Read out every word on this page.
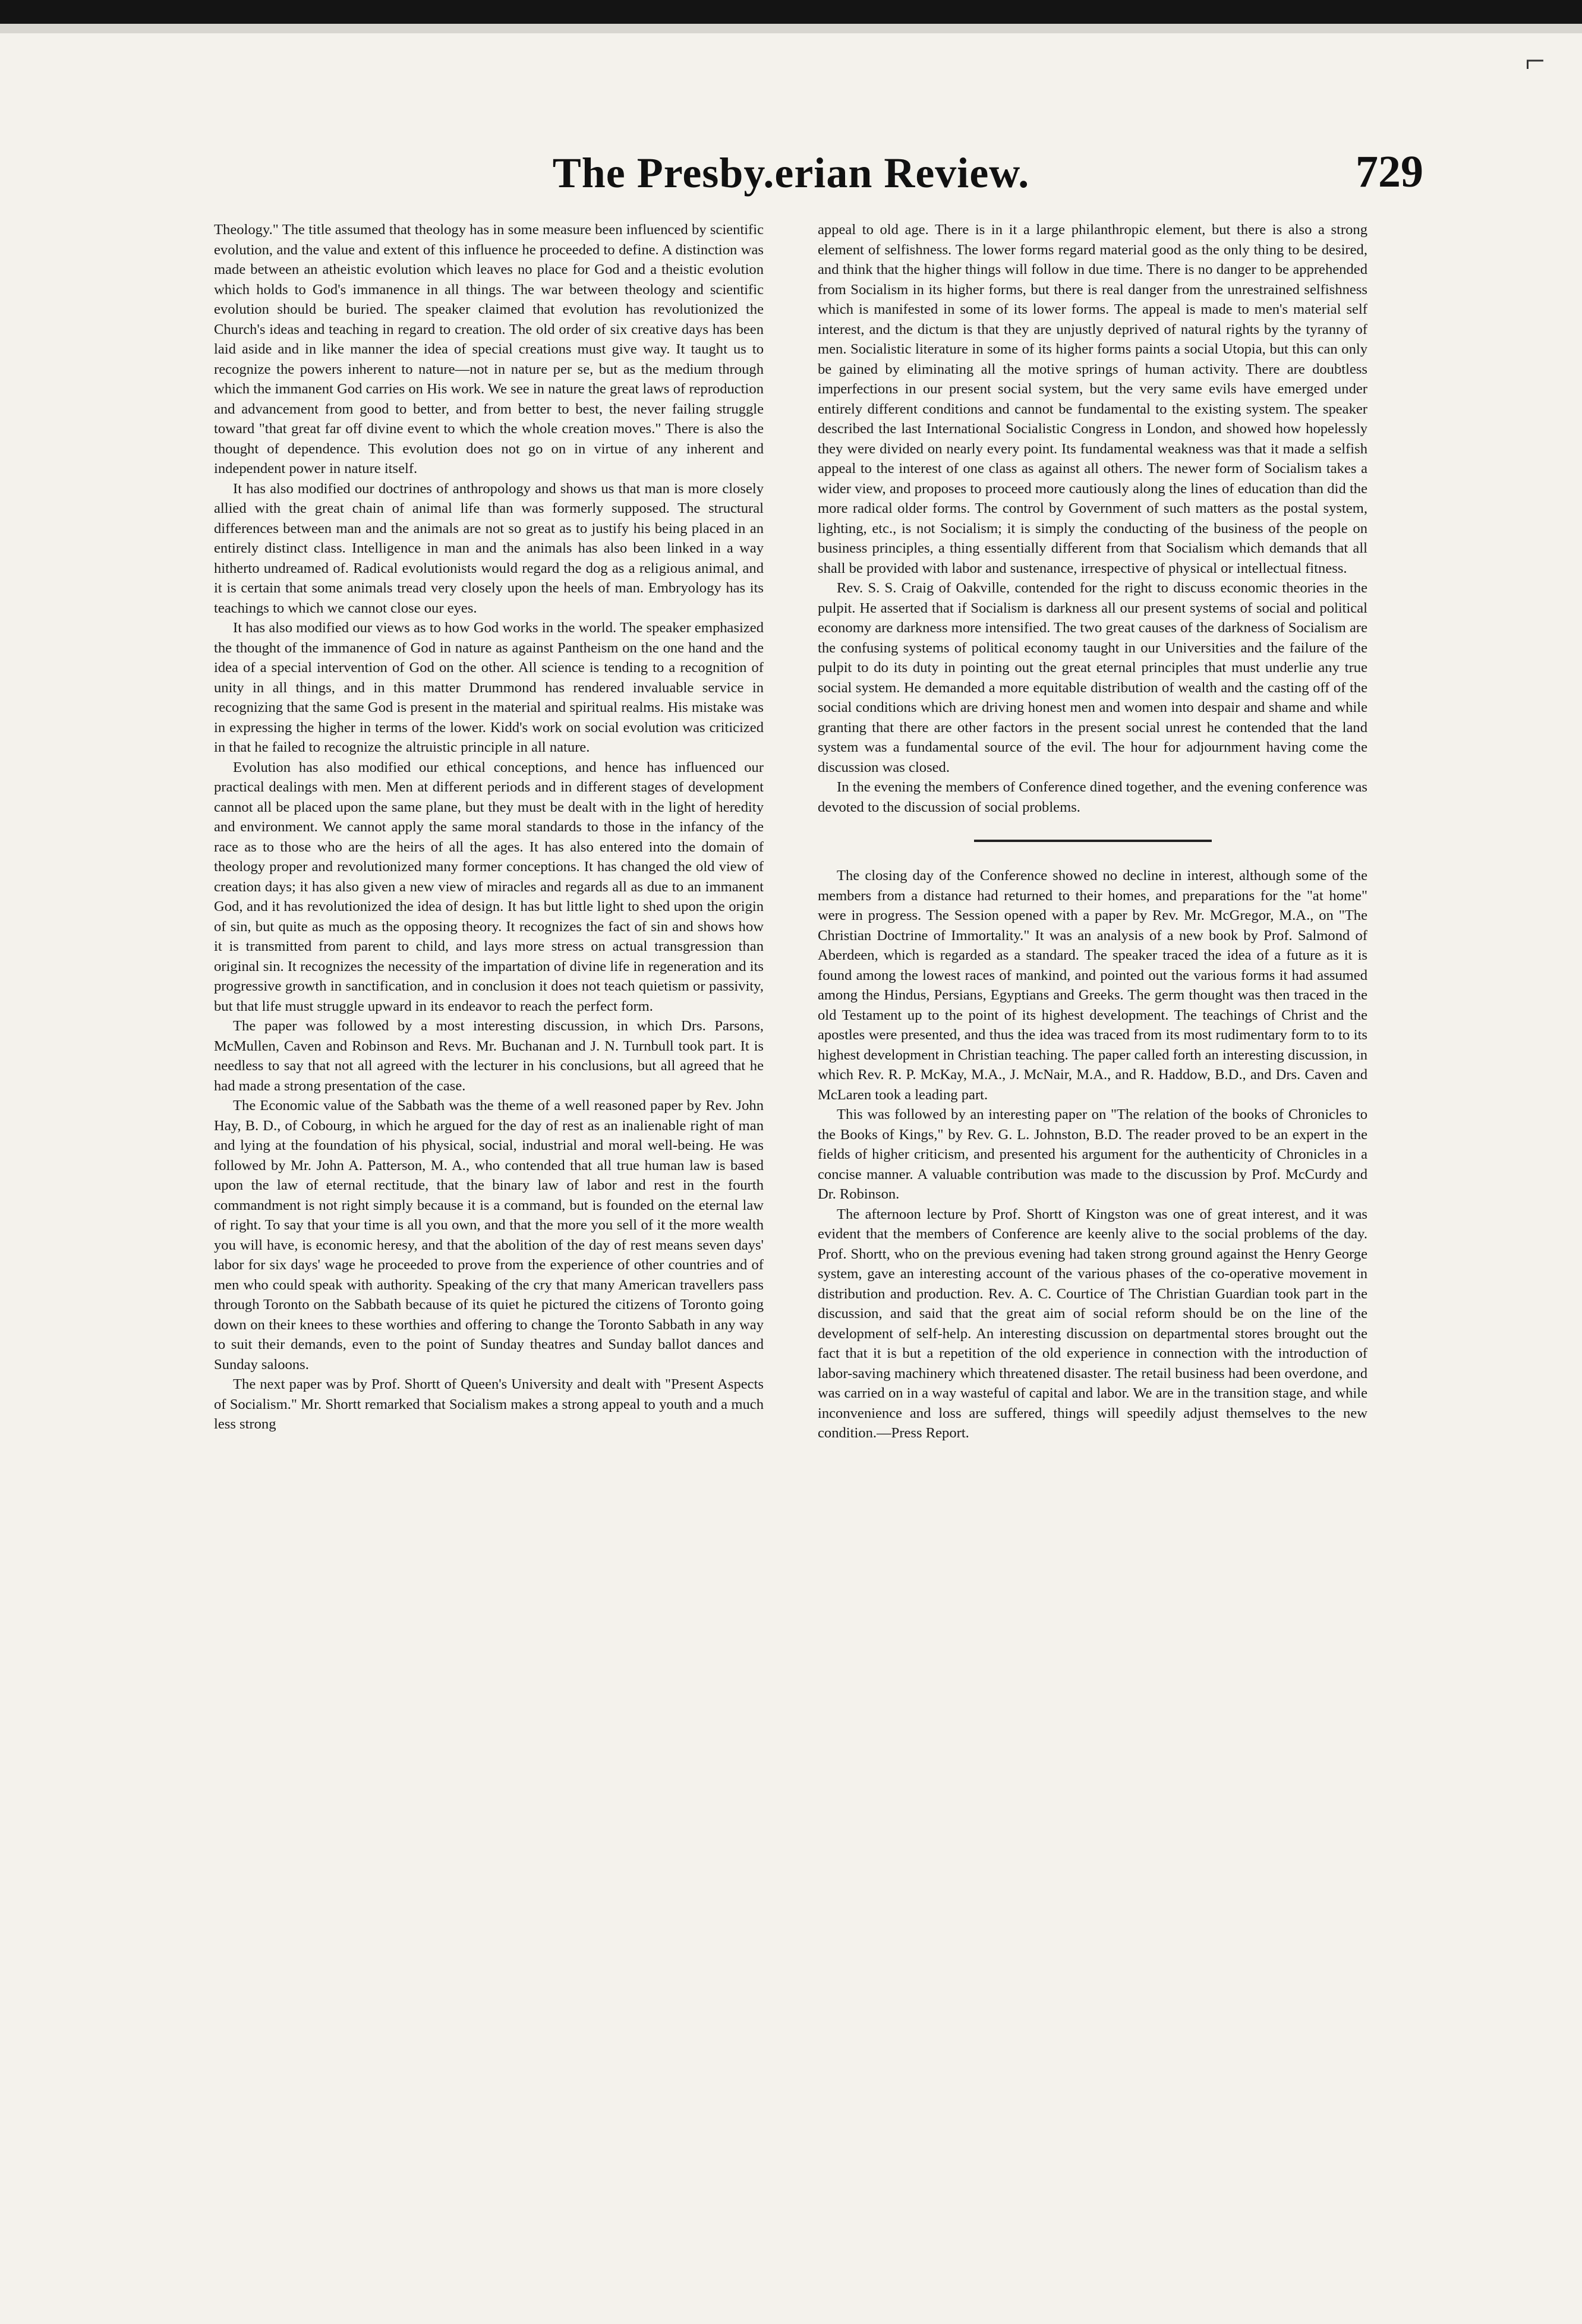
⌐
The Presby.erian Review.	729

Theology." The title assumed that theology has in some measure been influenced by scientific evolution, and the value and extent of this influence he proceeded to define. A distinction was made between an atheistic evolution which leaves no place for God and a theistic evolution which holds to God's immanence in all things. The war between theology and scientific evolution should be buried. The speaker claimed that evolution has revolutionized the Church's ideas and teaching in regard to creation. The old order of six creative days has been laid aside and in like manner the idea of special creations must give way. It taught us to recognize the powers inherent to nature—not in nature per se, but as the medium through which the immanent God carries on His work. We see in nature the great laws of reproduction and advancement from good to better, and from better to best, the never failing struggle toward "that great far off divine event to which the whole creation moves." There is also the thought of dependence. This evolution does not go on in virtue of any inherent and independent power in nature itself.

It has also modified our doctrines of anthropology and shows us that man is more closely allied with the great chain of animal life than was formerly supposed. The structural differences between man and the animals are not so great as to justify his being placed in an entirely distinct class. Intelligence in man and the animals has also been linked in a way hitherto undreamed of. Radical evolutionists would regard the dog as a religious animal, and it is certain that some animals tread very closely upon the heels of man. Embryology has its teachings to which we cannot close our eyes.

It has also modified our views as to how God works in the world. The speaker emphasized the thought of the immanence of God in nature as against Pantheism on the one hand and the idea of a special intervention of God on the other. All science is tending to a recognition of unity in all things, and in this matter Drummond has rendered invaluable service in recognizing that the same God is present in the material and spiritual realms. His mistake was in expressing the higher in terms of the lower. Kidd's work on social evolution was criticized in that he failed to recognize the altruistic principle in all nature.

Evolution has also modified our ethical conceptions, and hence has influenced our practical dealings with men. Men at different periods and in different stages of development cannot all be placed upon the same plane, but they must be dealt with in the light of heredity and environment. We cannot apply the same moral standards to those in the infancy of the race as to those who are the heirs of all the ages. It has also entered into the domain of theology proper and revolutionized many former conceptions. It has changed the old view of creation days; it has also given a new view of miracles and regards all as due to an immanent God, and it has revolutionized the idea of design. It has but little light to shed upon the origin of sin, but quite as much as the opposing theory. It recognizes the fact of sin and shows how it is transmitted from parent to child, and lays more stress on actual transgression than original sin. It recognizes the necessity of the impartation of divine life in regeneration and its progressive growth in sanctification, and in conclusion it does not teach quietism or passivity, but that life must struggle upward in its endeavor to reach the perfect form.

The paper was followed by a most interesting discussion, in which Drs. Parsons, McMullen, Caven and Robinson and Revs. Mr. Buchanan and J. N. Turnbull took part. It is needless to say that not all agreed with the lecturer in his conclusions, but all agreed that he had made a strong presentation of the case.

The Economic value of the Sabbath was the theme of a well reasoned paper by Rev. John Hay, B. D., of Cobourg, in which he argued for the day of rest as an inalienable right of man and lying at the foundation of his physical, social, industrial and moral well-being. He was followed by Mr. John A. Patterson, M. A., who contended that all true human law is based upon the law of eternal rectitude, that the binary law of labor and rest in the fourth commandment is not right simply because it is a command, but is founded on the eternal law of right. To say that your time is all you own, and that the more you sell of it the more wealth you will have, is economic heresy, and that the abolition of the day of rest means seven days' labor for six days' wage he proceeded to prove from the experience of other countries and of men who could speak with authority. Speaking of the cry that many American travellers pass through Toronto on the Sabbath because of its quiet he pictured the citizens of Toronto going down on their knees to these worthies and offering to change the Toronto Sabbath in any way to suit their demands, even to the point of Sunday theatres and Sunday ballot dances and Sunday saloons.

The next paper was by Prof. Shortt of Queen's University and dealt with "Present Aspects of Socialism." Mr. Shortt remarked that Socialism makes a strong appeal to youth and a much less strong

appeal to old age. There is in it a large philanthropic element, but there is also a strong element of selfishness. The lower forms regard material good as the only thing to be desired, and think that the higher things will follow in due time. There is no danger to be apprehended from Socialism in its higher forms, but there is real danger from the unrestrained selfishness which is manifested in some of its lower forms. The appeal is made to men's material self interest, and the dictum is that they are unjustly deprived of natural rights by the tyranny of men. Socialistic literature in some of its higher forms paints a social Utopia, but this can only be gained by eliminating all the motive springs of human activity. There are doubtless imperfections in our present social system, but the very same evils have emerged under entirely different conditions and cannot be fundamental to the existing system. The speaker described the last International Socialistic Congress in London, and showed how hopelessly they were divided on nearly every point. Its fundamental weakness was that it made a selfish appeal to the interest of one class as against all others. The newer form of Socialism takes a wider view, and proposes to proceed more cautiously along the lines of education than did the more radical older forms. The control by Government of such matters as the postal system, lighting, etc., is not Socialism; it is simply the conducting of the business of the people on business principles, a thing essentially different from that Socialism which demands that all shall be provided with labor and sustenance, irrespective of physical or intellectual fitness.

Rev. S. S. Craig of Oakville, contended for the right to discuss economic theories in the pulpit. He asserted that if Socialism is darkness all our present systems of social and political economy are darkness more intensified. The two great causes of the darkness of Socialism are the confusing systems of political economy taught in our Universities and the failure of the pulpit to do its duty in pointing out the great eternal principles that must underlie any true social system. He demanded a more equitable distribution of wealth and the casting off of the social conditions which are driving honest men and women into despair and shame and while granting that there are other factors in the present social unrest he contended that the land system was a fundamental source of the evil. The hour for adjournment having come the discussion was closed.

In the evening the members of Conference dined together, and the evening conference was devoted to the discussion of social problems.

The closing day of the Conference showed no decline in interest, although some of the members from a distance had returned to their homes, and preparations for the "at home" were in progress. The Session opened with a paper by Rev. Mr. McGregor, M.A., on "The Christian Doctrine of Immortality." It was an analysis of a new book by Prof. Salmond of Aberdeen, which is regarded as a standard. The speaker traced the idea of a future as it is found among the lowest races of mankind, and pointed out the various forms it had assumed among the Hindus, Persians, Egyptians and Greeks. The germ thought was then traced in the old Testament up to the point of its highest development. The teachings of Christ and the apostles were presented, and thus the idea was traced from its most rudimentary form to to its highest development in Christian teaching. The paper called forth an interesting discussion, in which Rev. R. P. McKay, M.A., J. McNair, M.A., and R. Haddow, B.D., and Drs. Caven and McLaren took a leading part.

This was followed by an interesting paper on "The relation of the books of Chronicles to the Books of Kings," by Rev. G. L. Johnston, B.D. The reader proved to be an expert in the fields of higher criticism, and presented his argument for the authenticity of Chronicles in a concise manner. A valuable contribution was made to the discussion by Prof. McCurdy and Dr. Robinson.

The afternoon lecture by Prof. Shortt of Kingston was one of great interest, and it was evident that the members of Conference are keenly alive to the social problems of the day. Prof. Shortt, who on the previous evening had taken strong ground against the Henry George system, gave an interesting account of the various phases of the co-operative movement in distribution and production. Rev. A. C. Courtice of The Christian Guardian took part in the discussion, and said that the great aim of social reform should be on the line of the development of self-help. An interesting discussion on departmental stores brought out the fact that it is but a repetition of the old experience in connection with the introduction of labor-saving machinery which threatened disaster. The retail business had been overdone, and was carried on in a way wasteful of capital and labor. We are in the transition stage, and while inconvenience and loss are suffered, things will speedily adjust themselves to the new condition.—Press Report.
